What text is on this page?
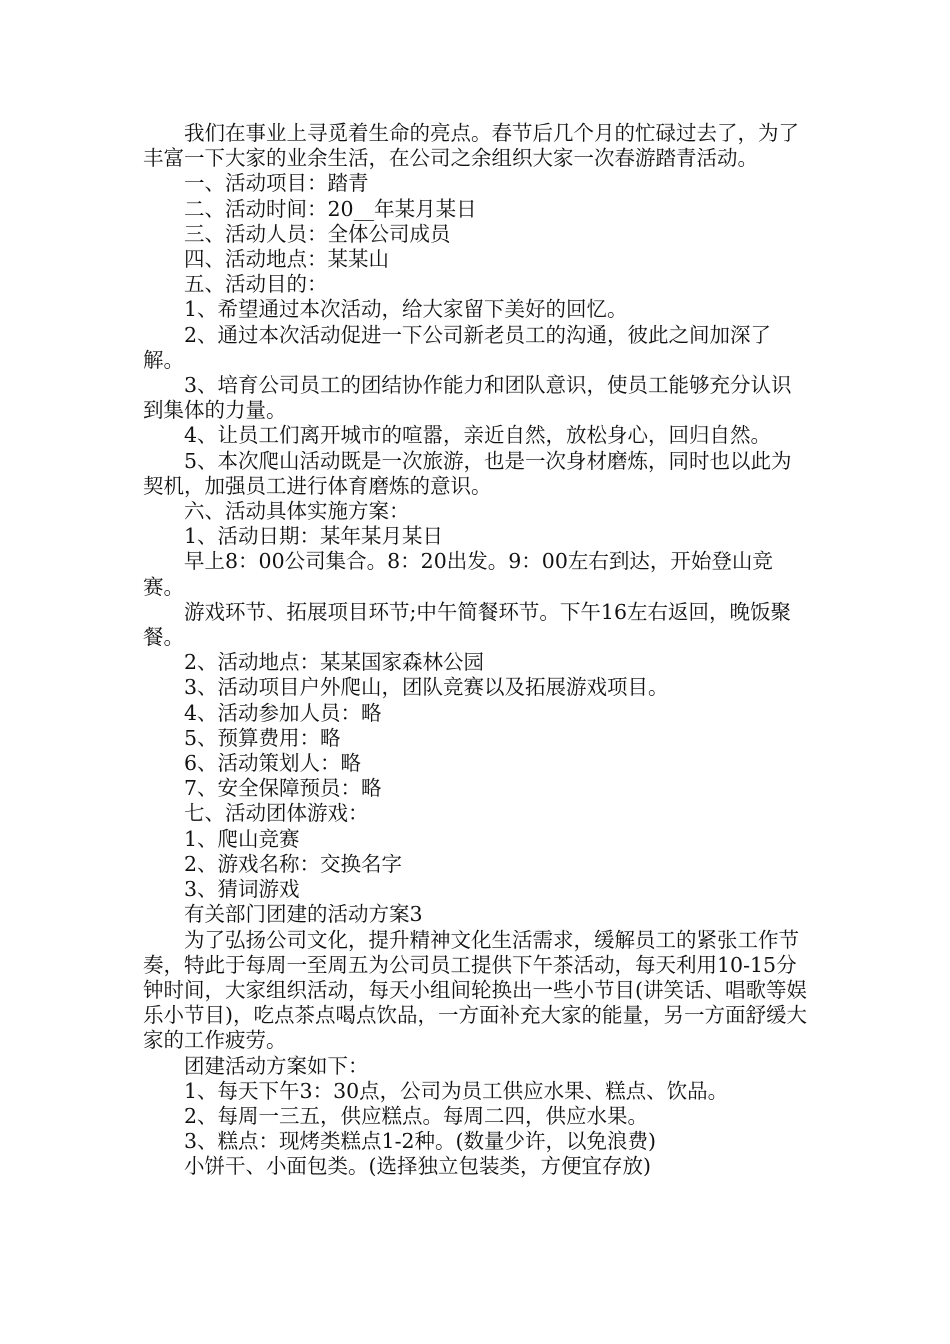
我们在事业上寻觅着生命的亮点。春节后几个月的忙碌过去了，为了丰富一下大家的业余生活，在公司之余组织大家一次春游踏青活动。

一、活动项目：踏青

二、活动时间：20__年某月某日

三、活动人员：全体公司成员

四、活动地点：某某山

五、活动目的：

1、希望通过本次活动，给大家留下美好的回忆。

2、通过本次活动促进一下公司新老员工的沟通，彼此之间加深了解。

3、培育公司员工的团结协作能力和团队意识，使员工能够充分认识到集体的力量。

4、让员工们离开城市的喧嚣，亲近自然，放松身心，回归自然。

5、本次爬山活动既是一次旅游，也是一次身材磨炼，同时也以此为契机，加强员工进行体育磨炼的意识。

六、活动具体实施方案：

1、活动日期：某年某月某日

早上8：00公司集合。8：20出发。9：00左右到达，开始登山竞赛。

游戏环节、拓展项目环节;中午简餐环节。下午16左右返回，晚饭聚餐。

2、活动地点：某某国家森林公园

3、活动项目户外爬山，团队竞赛以及拓展游戏项目。

4、活动参加人员：略

5、预算费用：略

6、活动策划人：略

7、安全保障预员：略

七、活动团体游戏：

1、爬山竞赛

2、游戏名称：交换名字

3、猜词游戏

有关部门团建的活动方案3

为了弘扬公司文化，提升精神文化生活需求，缓解员工的紧张工作节奏，特此于每周一至周五为公司员工提供下午茶活动，每天利用10-15分钟时间，大家组织活动，每天小组间轮换出一些小节目(讲笑话、唱歌等娱乐小节目)，吃点茶点喝点饮品，一方面补充大家的能量，另一方面舒缓大家的工作疲劳。

团建活动方案如下：

1、每天下午3：30点，公司为员工供应水果、糕点、饮品。

2、每周一三五，供应糕点。每周二四，供应水果。

3、糕点：现烤类糕点1-2种。(数量少许，以免浪费)

小饼干、小面包类。(选择独立包装类，方便宜存放)
